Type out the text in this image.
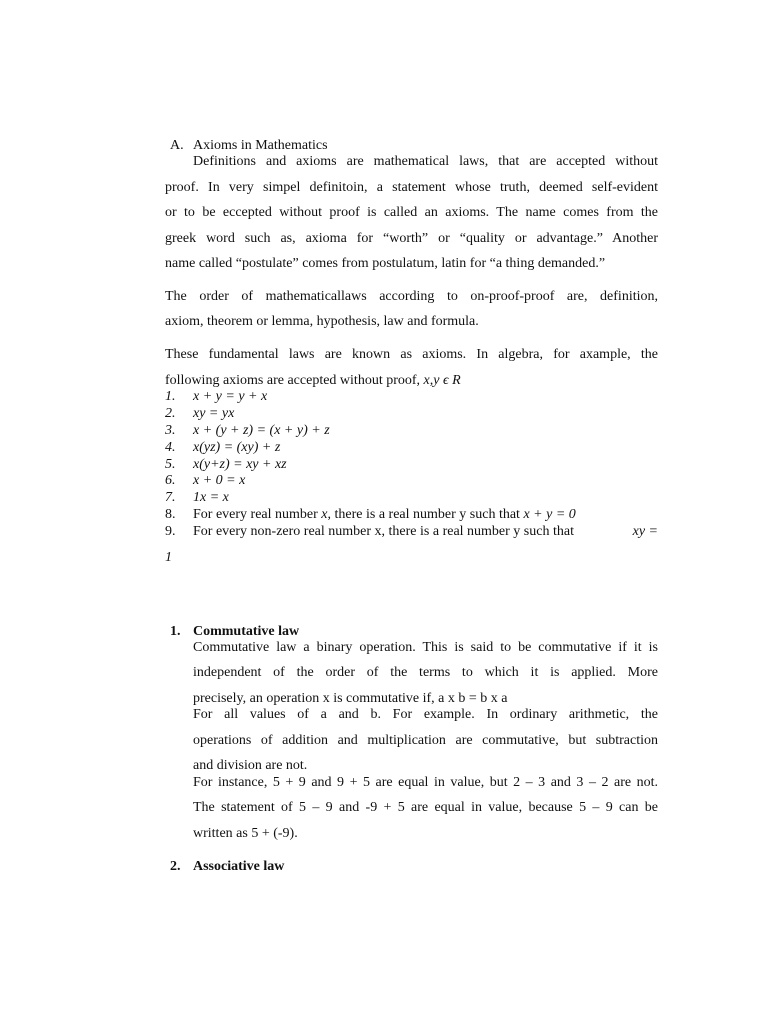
A. Axioms in Mathematics
Definitions and axioms are mathematical laws, that are accepted without
proof. In very simpel definitoin, a statement whose truth, deemed self-evident
or to be eccepted without proof is called an axioms. The name comes from the
greek word such as, axioma for “worth” or “quality or advantage.” Another
name called “postulate” comes from postulatum, latin for “a thing demanded.”
The order of mathematicallaws according to on-proof-proof are, definition,
axiom, theorem or lemma, hypothesis, law and formula.
These fundamental laws are known as axioms. In algebra, for axample, the
following axioms are accepted without proof, x,y ϵ R
1. x + y = y + x
2. xy = yx
3. x + (y + z) = (x + y) + z
4. x(yz) = (xy) + z
5. x(y+z) = xy + xz
6. x + 0 = x
7. 1x = x
8. For every real number x, there is a real number y such that x + y = 0
9. For every non-zero real number x, there is a real number y such that	xy =
1
1. Commutative law
Commutative law a binary operation. This is said to be commutative if it is
independent of the order of the terms to which it is applied. More
precisely, an operation x is commutative if, a x b = b x a
For all values of a and b. For example. In ordinary arithmetic, the
operations of addition and multiplication are commutative, but subtraction
and division are not.
For instance, 5 + 9 and 9 + 5 are equal in value, but 2 – 3 and 3 – 2 are not.
The statement of 5 – 9 and -9 + 5 are equal in value, because 5 – 9 can be
written as 5 + (-9).
2. Associative law
